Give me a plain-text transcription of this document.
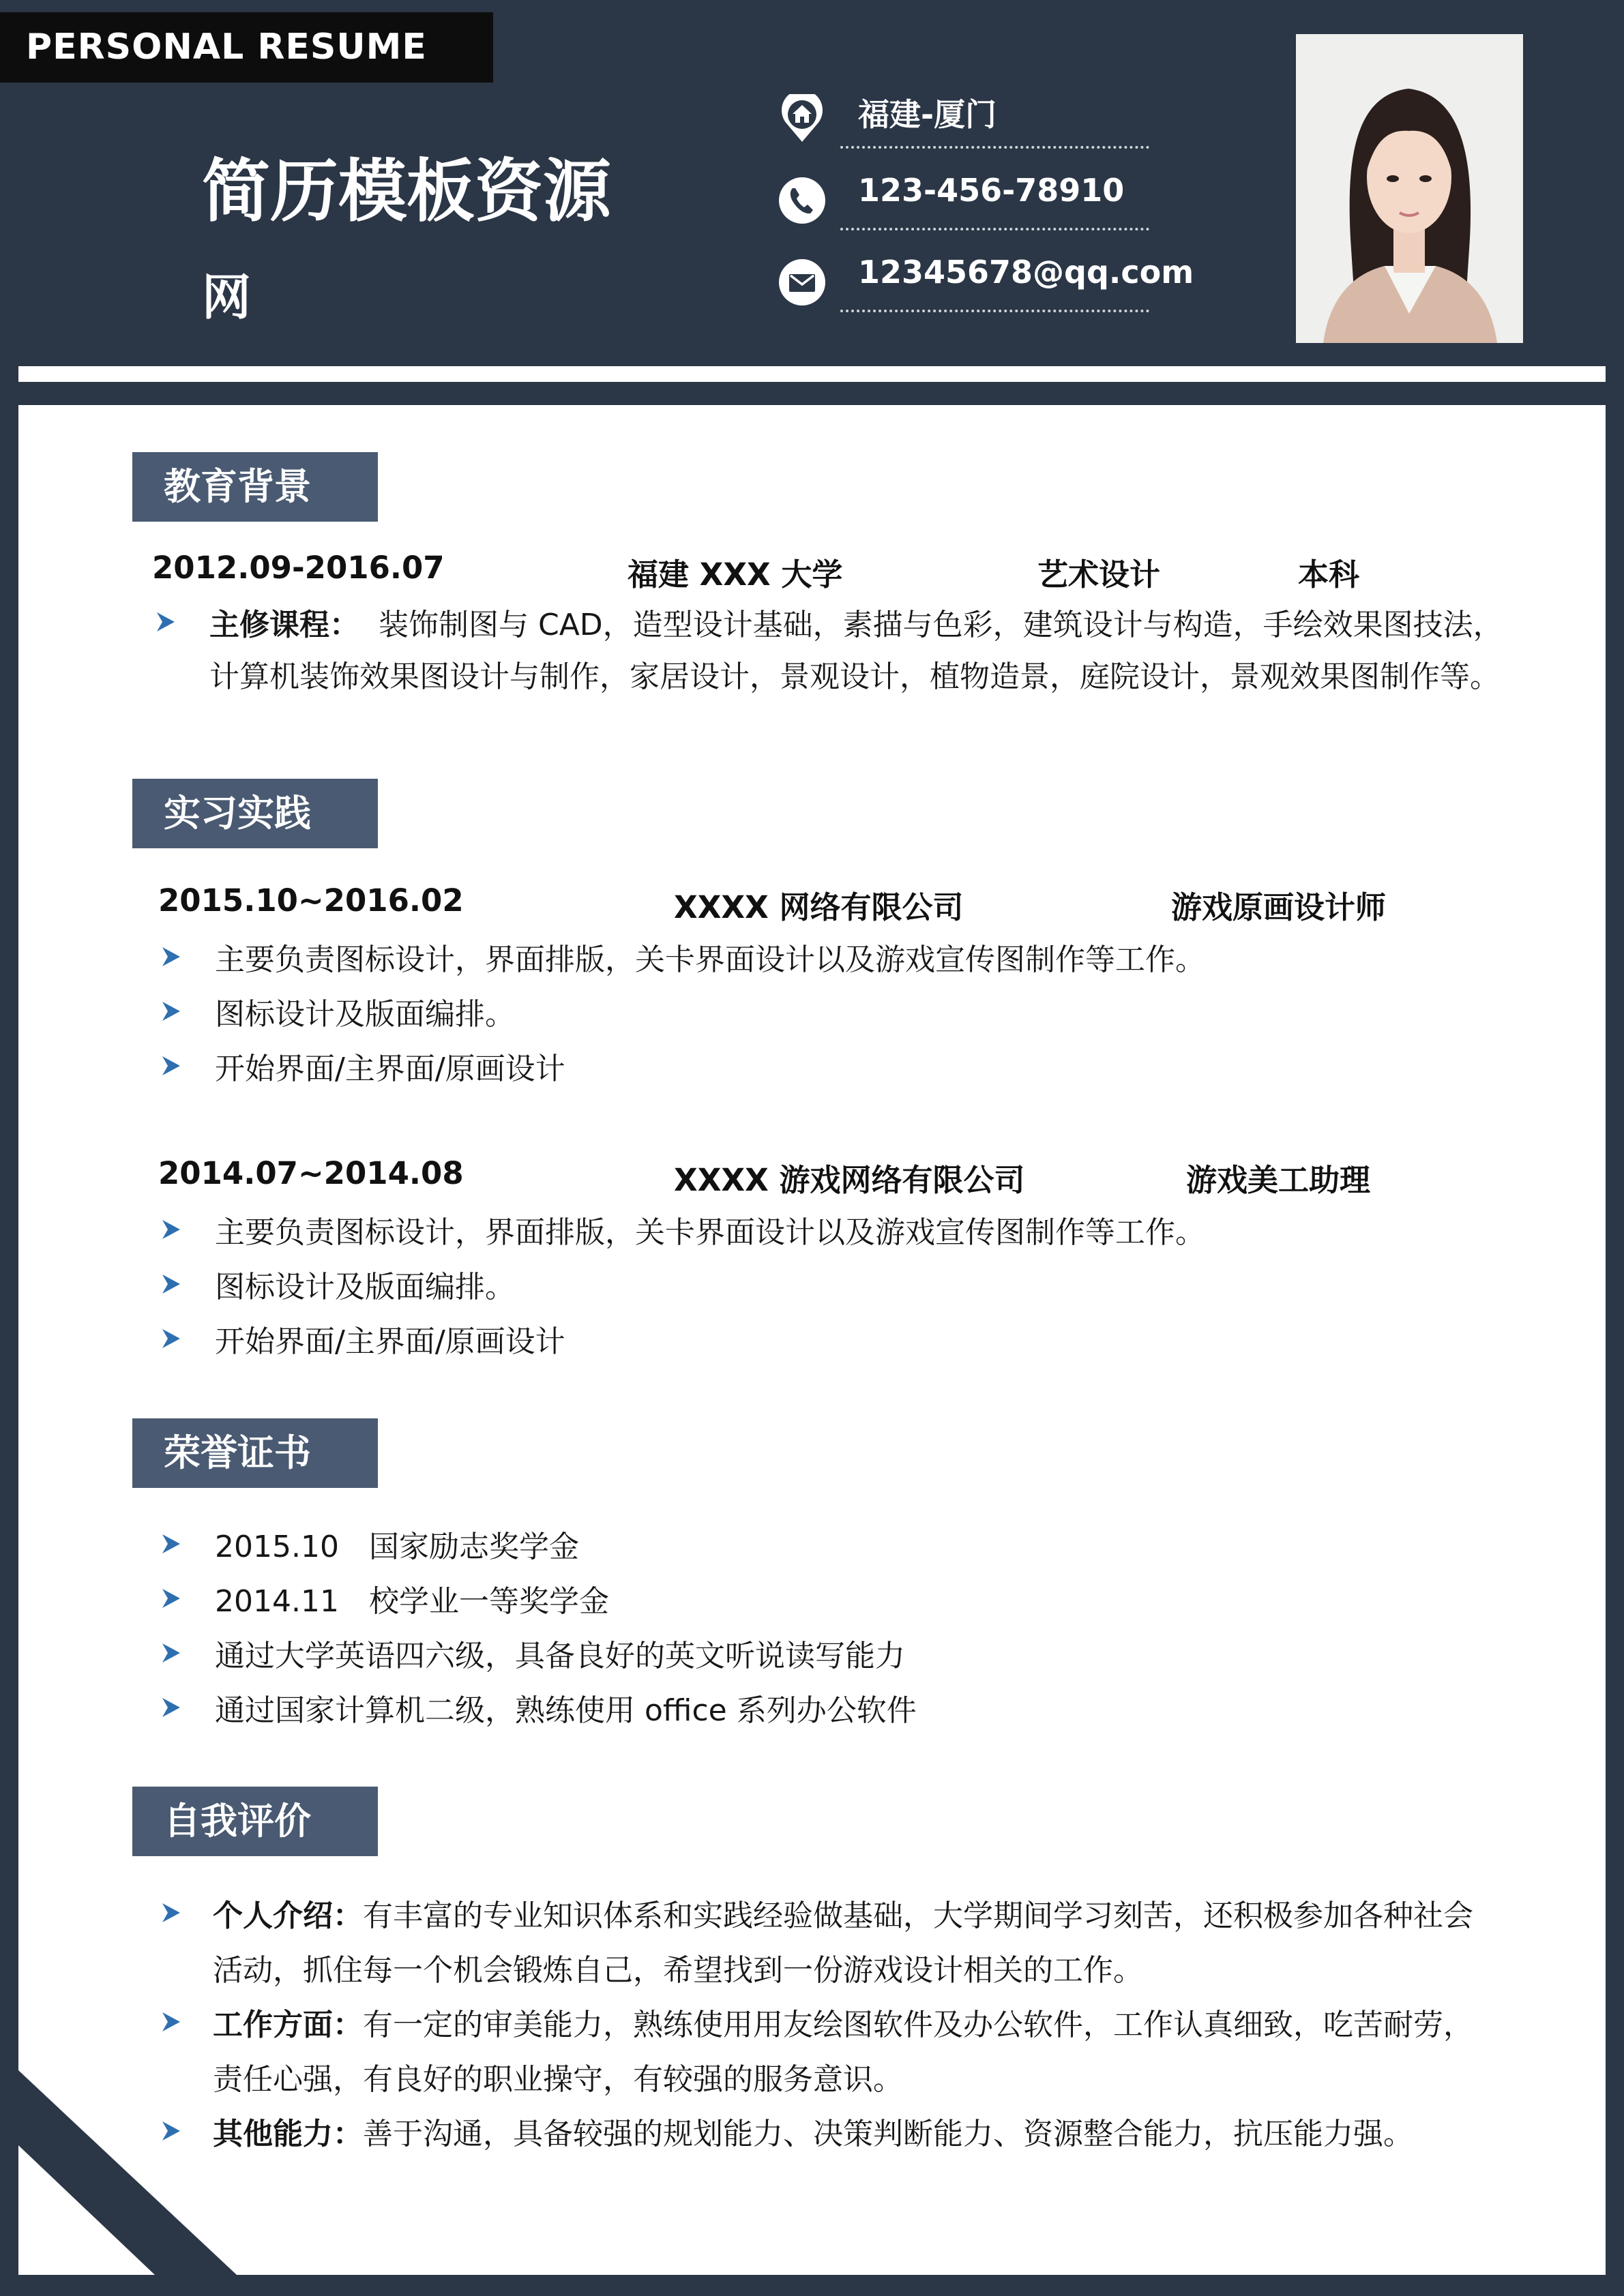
PERSONAL RESUME
简历模板资源
网
福建-厦门
123-456-78910
12345678@qq.com
教育背景
2012.09-2016.07	福建 XXX 大学	艺术设计	本科
主修课程： 装饰制图与 CAD，造型设计基础，素描与色彩，建筑设计与构造，手绘效果图技法，
计算机装饰效果图设计与制作，家居设计，景观设计，植物造景，庭院设计，景观效果图制作等。
实习实践
2015.10~2016.02	XXXX 网络有限公司	游戏原画设计师
主要负责图标设计，界面排版，关卡界面设计以及游戏宣传图制作等工作。
图标设计及版面编排。
开始界面/主界面/原画设计
2014.07~2014.08	XXXX 游戏网络有限公司	游戏美工助理
主要负责图标设计，界面排版，关卡界面设计以及游戏宣传图制作等工作。
图标设计及版面编排。
开始界面/主界面/原画设计
荣誉证书
2015.10　国家励志奖学金
2014.11　校学业一等奖学金
通过大学英语四六级，具备良好的英文听说读写能力
通过国家计算机二级，熟练使用 office 系列办公软件
自我评价
个人介绍：有丰富的专业知识体系和实践经验做基础，大学期间学习刻苦，还积极参加各种社会
活动，抓住每一个机会锻炼自己，希望找到一份游戏设计相关的工作。
工作方面：有一定的审美能力，熟练使用用友绘图软件及办公软件，工作认真细致，吃苦耐劳，
责任心强，有良好的职业操守，有较强的服务意识。
其他能力：善于沟通，具备较强的规划能力、决策判断能力、资源整合能力，抗压能力强。
